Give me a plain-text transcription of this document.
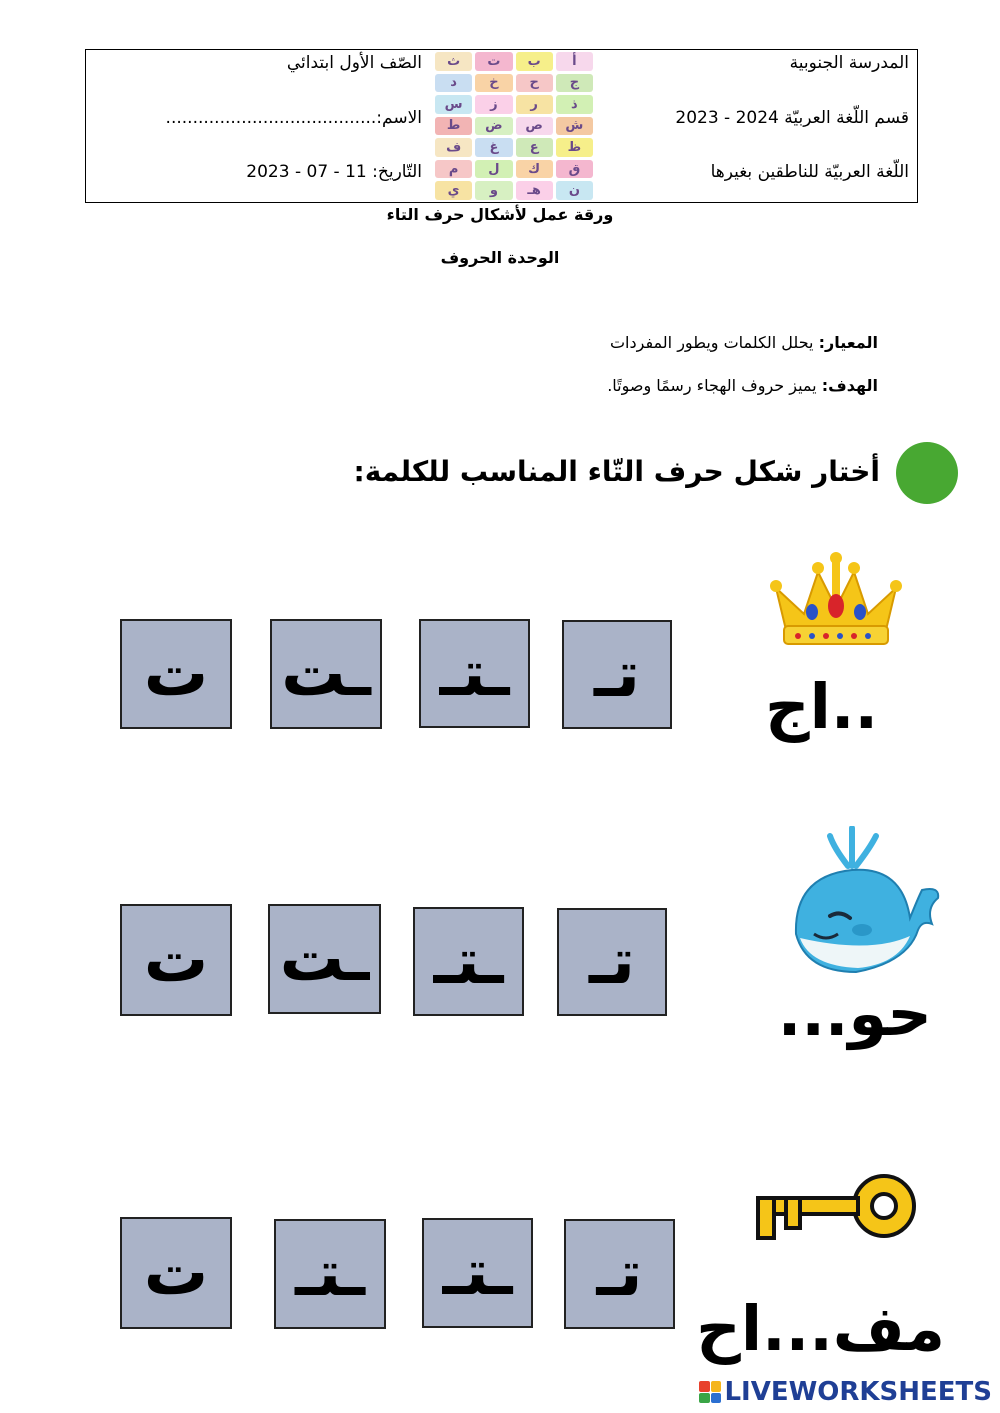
المدرسة الجنوبية
قسم اللّغة العربيّة 2024 - 2023
اللّغة العربيّة للناطقين بغيرها
الصّف الأول ابتدائي
الاسم:.......................................
التّاريخ: 11 - 07 - 2023
أ
ب
ت
ث
ج
ح
خ
د
ذ
ر
ز
س
ش
ص
ض
ط
ظ
ع
غ
ف
ق
ك
ل
م
ن
هـ
و
ي
ورقة عمل لأشكال حرف التاء
الوحدة الحروف
المعيار: يحلل الكلمات ويطور المفردات
الهدف: يميز حروف الهجاء رسمًا وصوتًا.
أختار شكل حرف التّاء المناسب للكلمة:
..اج
ت	ـت	ـتـ	تـ
حو...
ت	ـت	ـتـ	تـ
مف...اح
ت	ـتـ	ـتـ	تـ
LIVEWORKSHEETS
